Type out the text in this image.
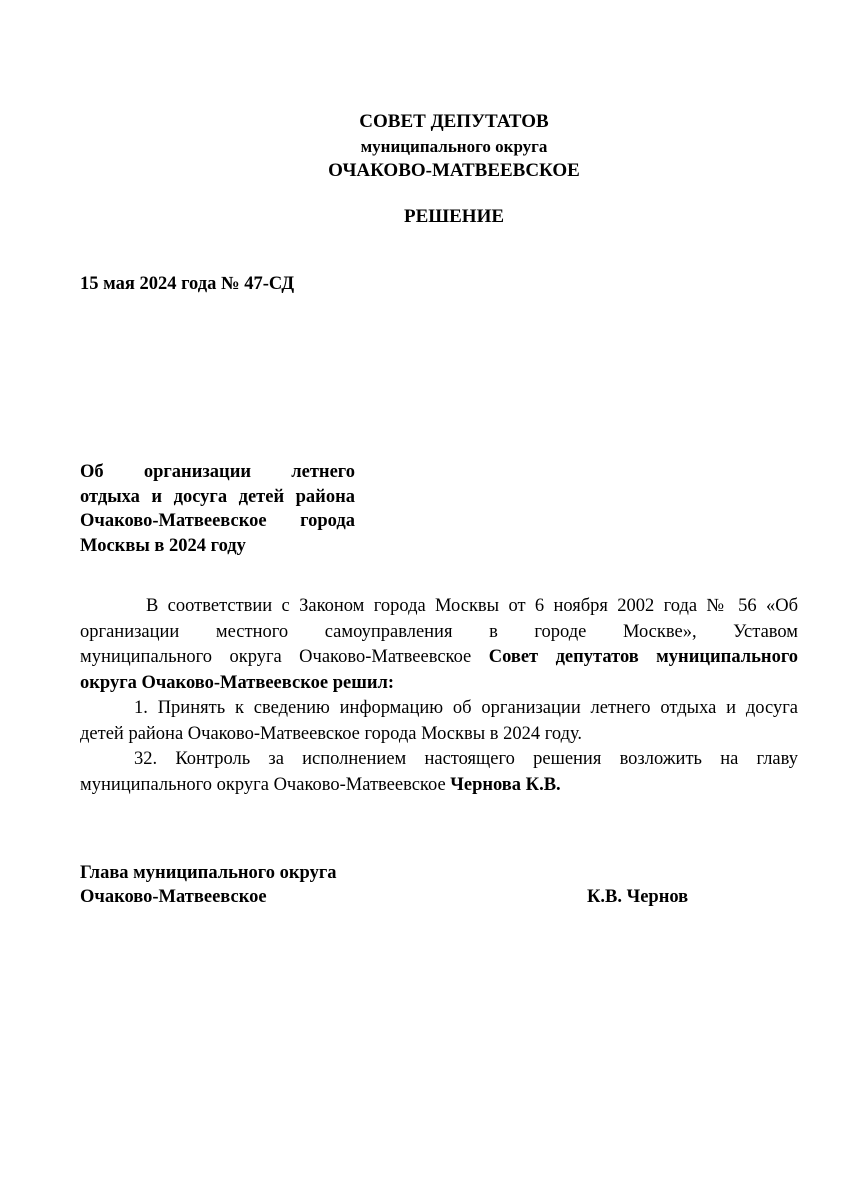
СОВЕТ ДЕПУТАТОВ
муниципального округа
ОЧАКОВО-МАТВЕЕВСКОЕ
РЕШЕНИЕ
15 мая 2024 года № 47-СД
Об организации летнего
отдыха и досуга детей района
Очаково-Матвеевское города
Москвы в 2024 году
В соответствии с Законом города Москвы от 6 ноября 2002 года № 56 «Об
организации местного самоуправления в городе Москве», Уставом
муниципального округа Очаково-Матвеевское Совет депутатов муниципального
округа Очаково-Матвеевское решил:
1. Принять к сведению информацию об организации летнего отдыха и досуга
детей района Очаково-Матвеевское города Москвы в 2024 году.
32. Контроль за исполнением настоящего решения возложить на главу
муниципального округа Очаково-Матвеевское Чернова К.В.
Глава муниципального округа
Очаково-Матвеевское	К.В. Чернов
